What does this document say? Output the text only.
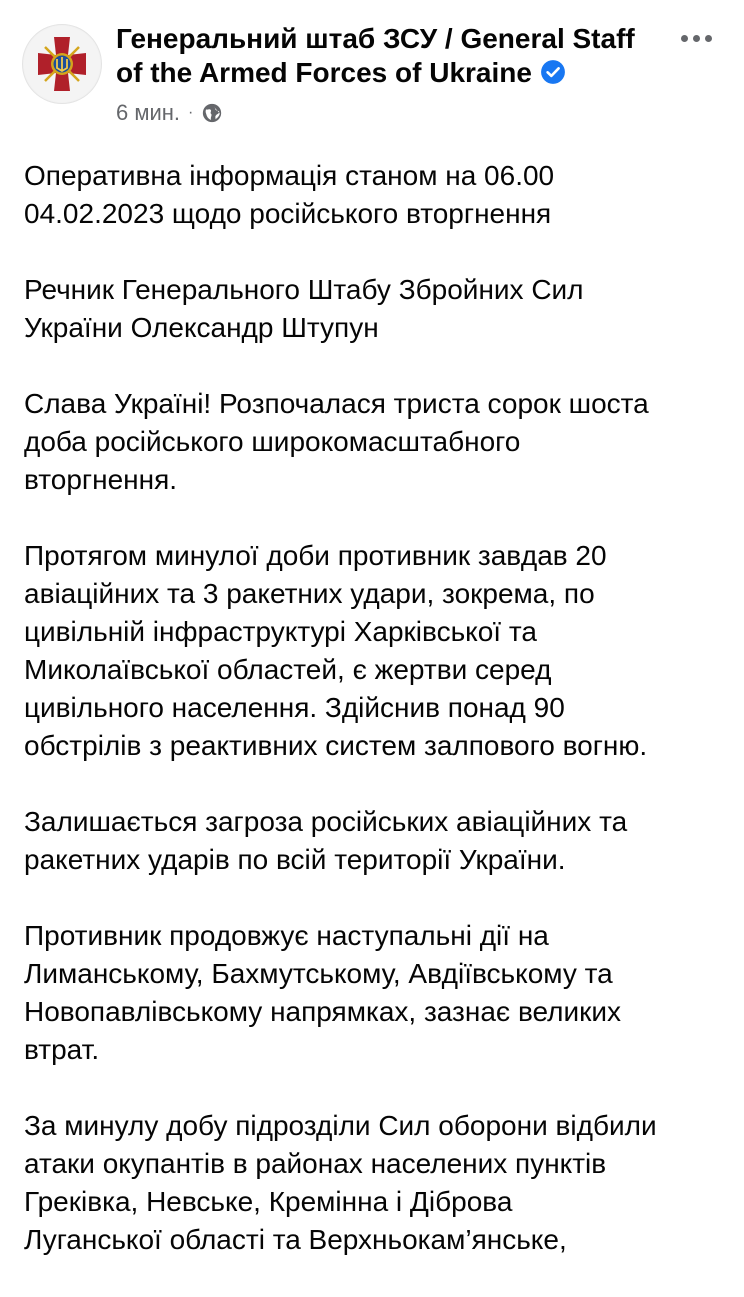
Генеральний штаб ЗСУ / General Staff of the Armed Forces of Ukraine
6 мин. ·

Оперативна інформація станом на 06.00
04.02.2023 щодо російського вторгнення

Речник Генерального Штабу Збройних Сил
України Олександр Штупун

Слава Україні! Розпочалася триста сорок шоста
доба російського широкомасштабного
вторгнення.

Протягом минулої доби противник завдав 20
авіаційних та 3 ракетних удари, зокрема, по
цивільній інфраструктурі Харківської та
Миколаївської областей, є жертви серед
цивільного населення. Здійснив понад 90
обстрілів з реактивних систем залпового вогню.

Залишається загроза російських авіаційних та
ракетних ударів по всій території України.

Противник продовжує наступальні дії на
Лиманському, Бахмутському, Авдіївському та
Новопавлівському напрямках, зазнає великих
втрат.

За минулу добу підрозділи Сил оборони відбили
атаки окупантів в районах населених пунктів
Греківка, Невське, Кремінна і Діброва
Луганської області та Верхньокам’янське,
